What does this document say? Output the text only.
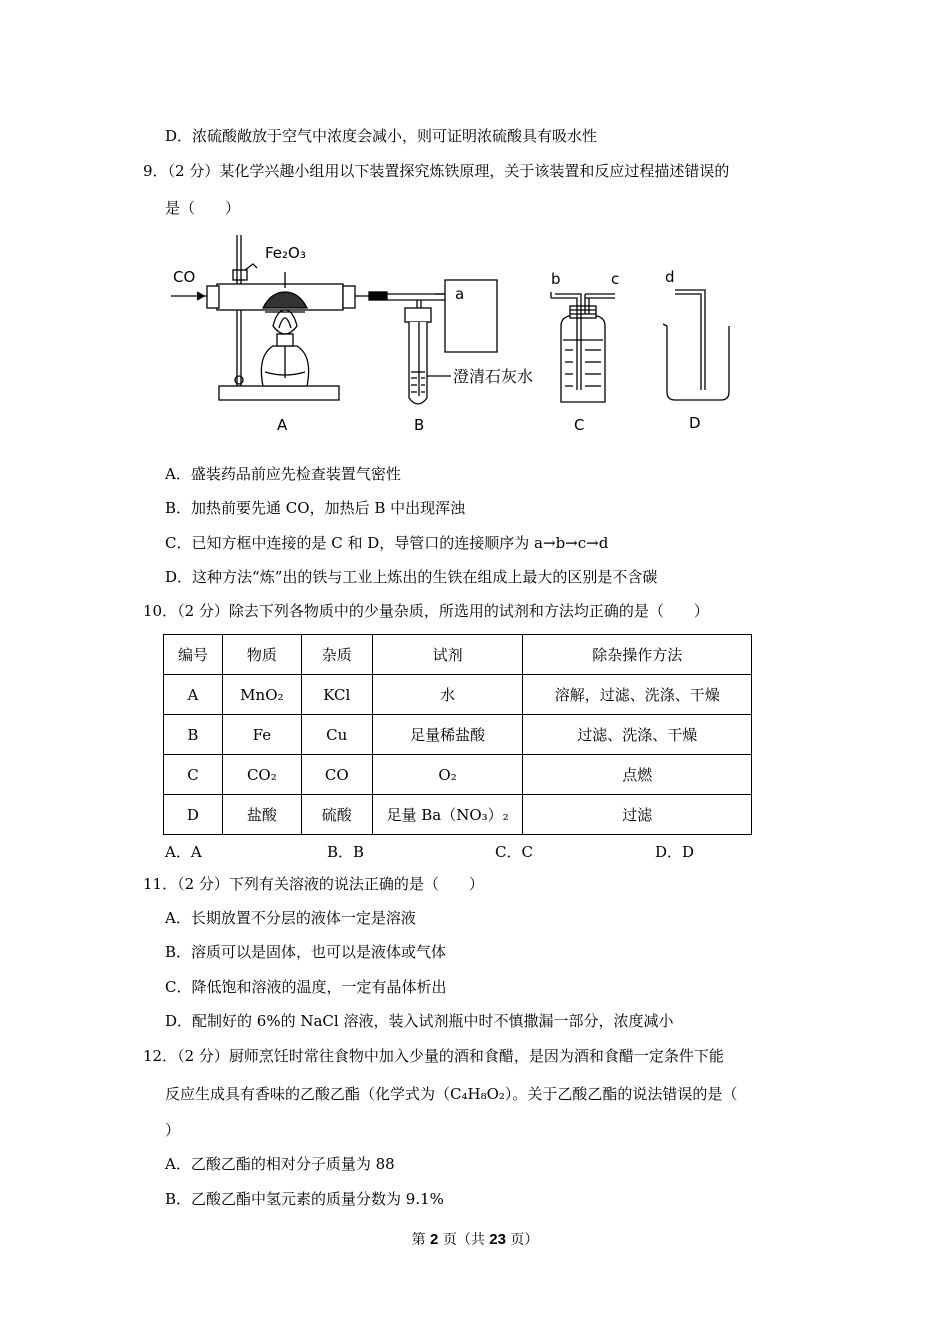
D．浓硫酸敞放于空气中浓度会减小，则可证明浓硫酸具有吸水性
9．（2 分）某化学兴趣小组用以下装置探究炼铁原理，关于该装置和反应过程描述错误的
是（　　）
CO
Fe₂O₃
a
b	c	d
澄清石灰水
A	B	C	D
A．盛装药品前应先检查装置气密性
B．加热前要先通 CO，加热后 B 中出现浑浊
C．已知方框中连接的是 C 和 D，导管口的连接顺序为 a→b→c→d
D．这种方法“炼”出的铁与工业上炼出的生铁在组成上最大的区别是不含碳
10．（2 分）除去下列各物质中的少量杂质，所选用的试剂和方法均正确的是（　　）
编号	物质	杂质	试剂	除杂操作方法
A	MnO₂	KCl	水	溶解，过滤、洗涤、干燥
B	Fe	Cu	足量稀盐酸	过滤、洗涤、干燥
C	CO₂	CO	O₂	点燃
D	盐酸	硫酸	足量 Ba（NO₃）₂	过滤
A．A	B．B	C．C	D．D
11．（2 分）下列有关溶液的说法正确的是（　　）
A．长期放置不分层的液体一定是溶液
B．溶质可以是固体，也可以是液体或气体
C．降低饱和溶液的温度，一定有晶体析出
D．配制好的 6%的 NaCl 溶液，装入试剂瓶中时不慎撒漏一部分，浓度减小
12．（2 分）厨师烹饪时常往食物中加入少量的酒和食醋，是因为酒和食醋一定条件下能
反应生成具有香味的乙酸乙酯（化学式为（C₄H₈O₂）。关于乙酸乙酯的说法错误的是（
）
A．乙酸乙酯的相对分子质量为 88
B．乙酸乙酯中氢元素的质量分数为 9.1%
第 2 页（共 23 页）
